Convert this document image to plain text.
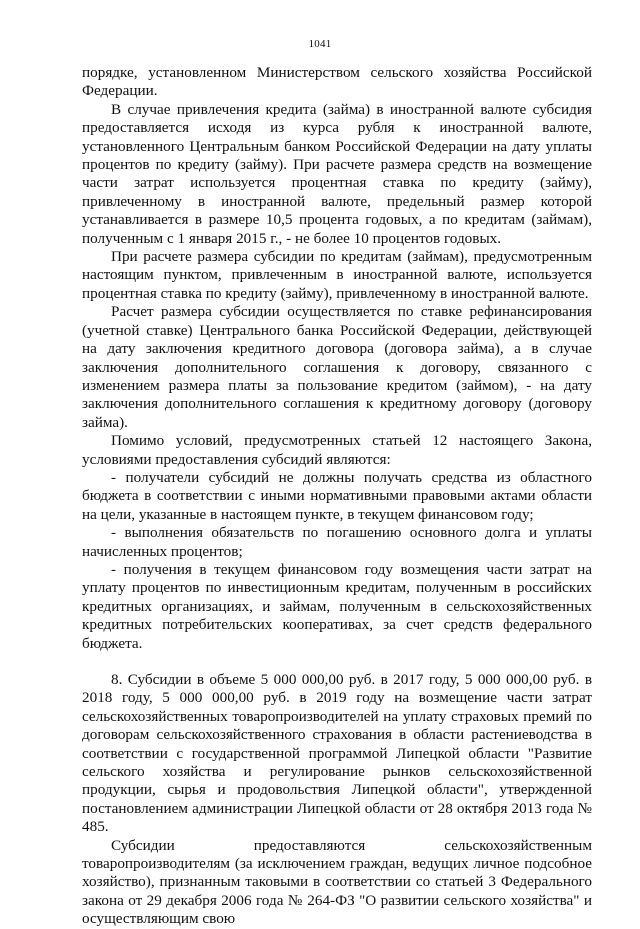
1041

порядке, установленном Министерством сельского хозяйства Российской Федерации.

В случае привлечения кредита (займа) в иностранной валюте субсидия предоставляется исходя из курса рубля к иностранной валюте, установленного Центральным банком Российской Федерации на дату уплаты процентов по кредиту (займу). При расчете размера средств на возмещение части затрат используется процентная ставка по кредиту (займу), привлеченному в иностранной валюте, предельный размер которой устанавливается в размере 10,5 процента годовых, а по кредитам (займам), полученным с 1 января 2015 г., - не более 10 процентов годовых.

При расчете размера субсидии по кредитам (займам), предусмотренным настоящим пунктом, привлеченным в иностранной валюте, используется процентная ставка по кредиту (займу), привлеченному в иностранной валюте.

Расчет размера субсидии осуществляется по ставке рефинансирования (учетной ставке) Центрального банка Российской Федерации, действующей на дату заключения кредитного договора (договора займа), а в случае заключения дополнительного соглашения к договору, связанного с изменением размера платы за пользование кредитом (займом), - на дату заключения дополнительного соглашения к кредитному договору (договору займа).

Помимо условий, предусмотренных статьей 12 настоящего Закона, условиями предоставления субсидий являются:

- получатели субсидий не должны получать средства из областного бюджета в соответствии с иными нормативными правовыми актами области на цели, указанные в настоящем пункте, в текущем финансовом году;

- выполнения обязательств по погашению основного долга и уплаты начисленных процентов;

- получения в текущем финансовом году возмещения части затрат на уплату процентов по инвестиционным кредитам, полученным в российских кредитных организациях, и займам, полученным в сельскохозяйственных кредитных потребительских кооперативах, за счет средств федерального бюджета.

8. Субсидии в объеме 5 000 000,00 руб. в 2017 году, 5 000 000,00 руб. в 2018 году, 5 000 000,00 руб. в 2019 году на возмещение части затрат сельскохозяйственных товаропроизводителей на уплату страховых премий по договорам сельскохозяйственного страхования в области растениеводства в соответствии с государственной программой Липецкой области "Развитие сельского хозяйства и регулирование рынков сельскохозяйственной продукции, сырья и продовольствия Липецкой области", утвержденной постановлением администрации Липецкой области от 28 октября 2013 года № 485.

Субсидии предоставляются сельскохозяйственным товаропроизводителям (за исключением граждан, ведущих личное подсобное хозяйство), признанным таковыми в соответствии со статьей 3 Федерального закона от 29 декабря 2006 года № 264-ФЗ "О развитии сельского хозяйства" и осуществляющим свою
